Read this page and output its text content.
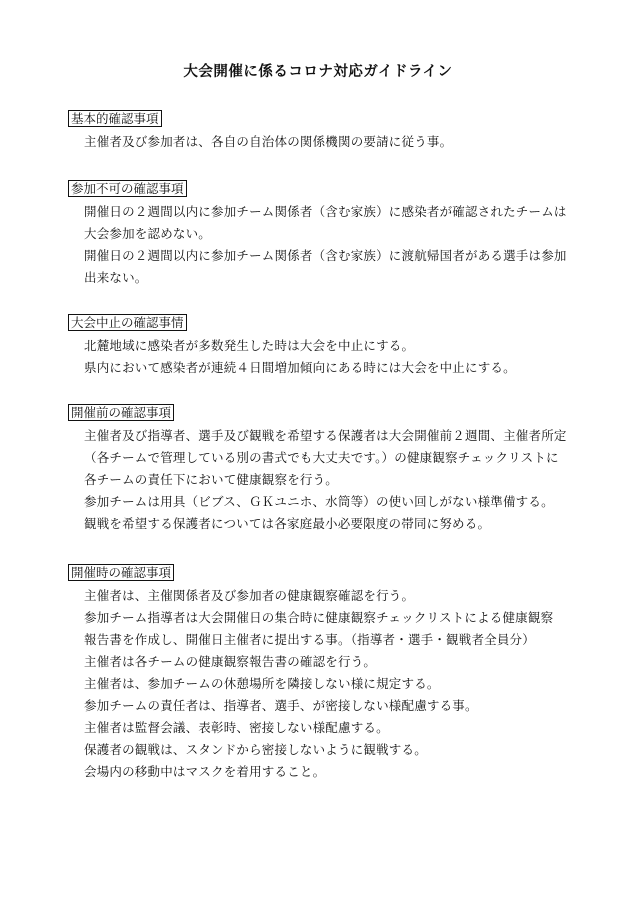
大会開催に係るコロナ対応ガイドライン
基本的確認事項
主催者及び参加者は、各自の自治体の関係機関の要請に従う事。
参加不可の確認事項
開催日の２週間以内に参加チーム関係者（含む家族）に感染者が確認されたチームは
大会参加を認めない。
開催日の２週間以内に参加チーム関係者（含む家族）に渡航帰国者がある選手は参加
出来ない。
大会中止の確認事情
北麓地域に感染者が多数発生した時は大会を中止にする。
県内において感染者が連続４日間増加傾向にある時には大会を中止にする。
開催前の確認事項
主催者及び指導者、選手及び観戦を希望する保護者は大会開催前２週間、主催者所定
（各チームで管理している別の書式でも大丈夫です。）の健康観察チェックリストに
各チームの責任下において健康観察を行う。
参加チームは用具（ビブス、ＧＫユニホ、水筒等）の使い回しがない様準備する。
観戦を希望する保護者については各家庭最小必要限度の帯同に努める。
開催時の確認事項
主催者は、主催関係者及び参加者の健康観察確認を行う。
参加チーム指導者は大会開催日の集合時に健康観察チェックリストによる健康観察
報告書を作成し、開催日主催者に提出する事。（指導者・選手・観戦者全員分）
主催者は各チームの健康観察報告書の確認を行う。
主催者は、参加チームの休憩場所を隣接しない様に規定する。
参加チームの責任者は、指導者、選手、が密接しない様配慮する事。
主催者は監督会議、表彰時、密接しない様配慮する。
保護者の観戦は、スタンドから密接しないように観戦する。
会場内の移動中はマスクを着用すること。
